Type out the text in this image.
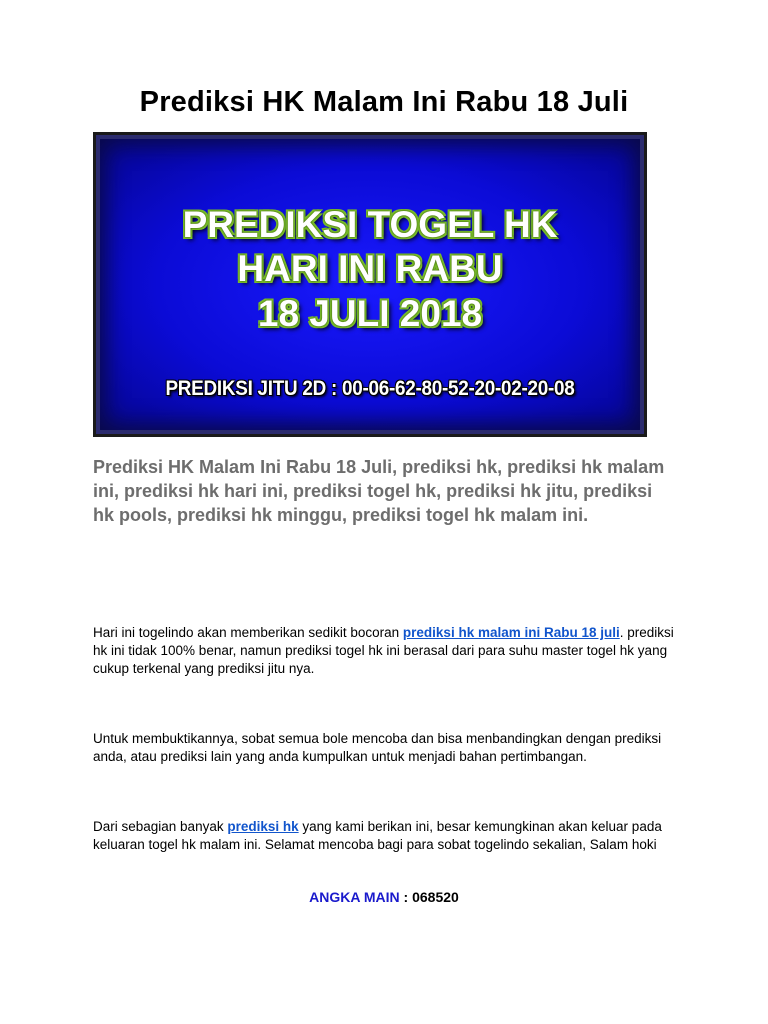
Prediksi HK Malam Ini Rabu 18 Juli
PREDIKSI TOGEL HK
HARI INI RABU
18 JULI 2018
PREDIKSI JITU 2D : 00-06-62-80-52-20-02-20-08

Prediksi HK Malam Ini Rabu 18 Juli, prediksi hk, prediksi hk malam ini, prediksi hk hari ini, prediksi togel hk, prediksi hk jitu, prediksi hk pools, prediksi hk minggu, prediksi togel hk malam ini.

Hari ini togelindo akan memberikan sedikit bocoran prediksi hk malam ini Rabu 18 juli. prediksi hk ini tidak 100% benar, namun prediksi togel hk ini berasal dari para suhu master togel hk yang cukup terkenal yang prediksi jitu nya.

Untuk membuktikannya, sobat semua bole mencoba dan bisa menbandingkan dengan prediksi anda, atau prediksi lain yang anda kumpulkan untuk menjadi bahan pertimbangan.

Dari sebagian banyak prediksi hk yang kami berikan ini, besar kemungkinan akan keluar pada keluaran togel hk malam ini. Selamat mencoba bagi para sobat togelindo sekalian, Salam hoki

ANGKA MAIN : 068520
